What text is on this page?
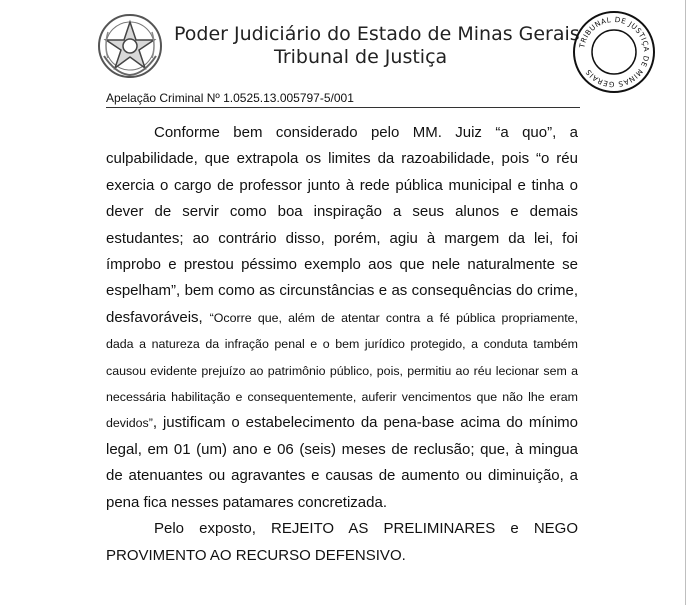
Poder Judiciário do Estado de Minas Gerais
Tribunal de Justiça
TRIBUNAL DE JUSTIÇA DE MINAS GERAIS
Apelação Criminal Nº 1.0525.13.005797-5/001

Conforme bem considerado pelo MM. Juiz “a quo”, a culpabilidade, que extrapola os limites da razoabilidade, pois “o réu exercia o cargo de professor junto à rede pública municipal e tinha o dever de servir como boa inspiração a seus alunos e demais estudantes; ao contrário disso, porém, agiu à margem da lei, foi ímprobo e prestou péssimo exemplo aos que nele naturalmente se espelham”, bem como as circunstâncias e as consequências do crime, desfavoráveis, “Ocorre que, além de atentar contra a fé pública propriamente, dada a natureza da infração penal e o bem jurídico protegido, a conduta também causou evidente prejuízo ao patrimônio público, pois, permitiu ao réu lecionar sem a necessária habilitação e consequentemente, auferir vencimentos que não lhe eram devidos”, justificam o estabelecimento da pena-base acima do mínimo legal, em 01 (um) ano e 06 (seis) meses de reclusão; que, à mingua de atenuantes ou agravantes e causas de aumento ou diminuição, a pena fica nesses patamares concretizada.

Pelo exposto, REJEITO AS PRELIMINARES e NEGO PROVIMENTO AO RECURSO DEFENSIVO.
